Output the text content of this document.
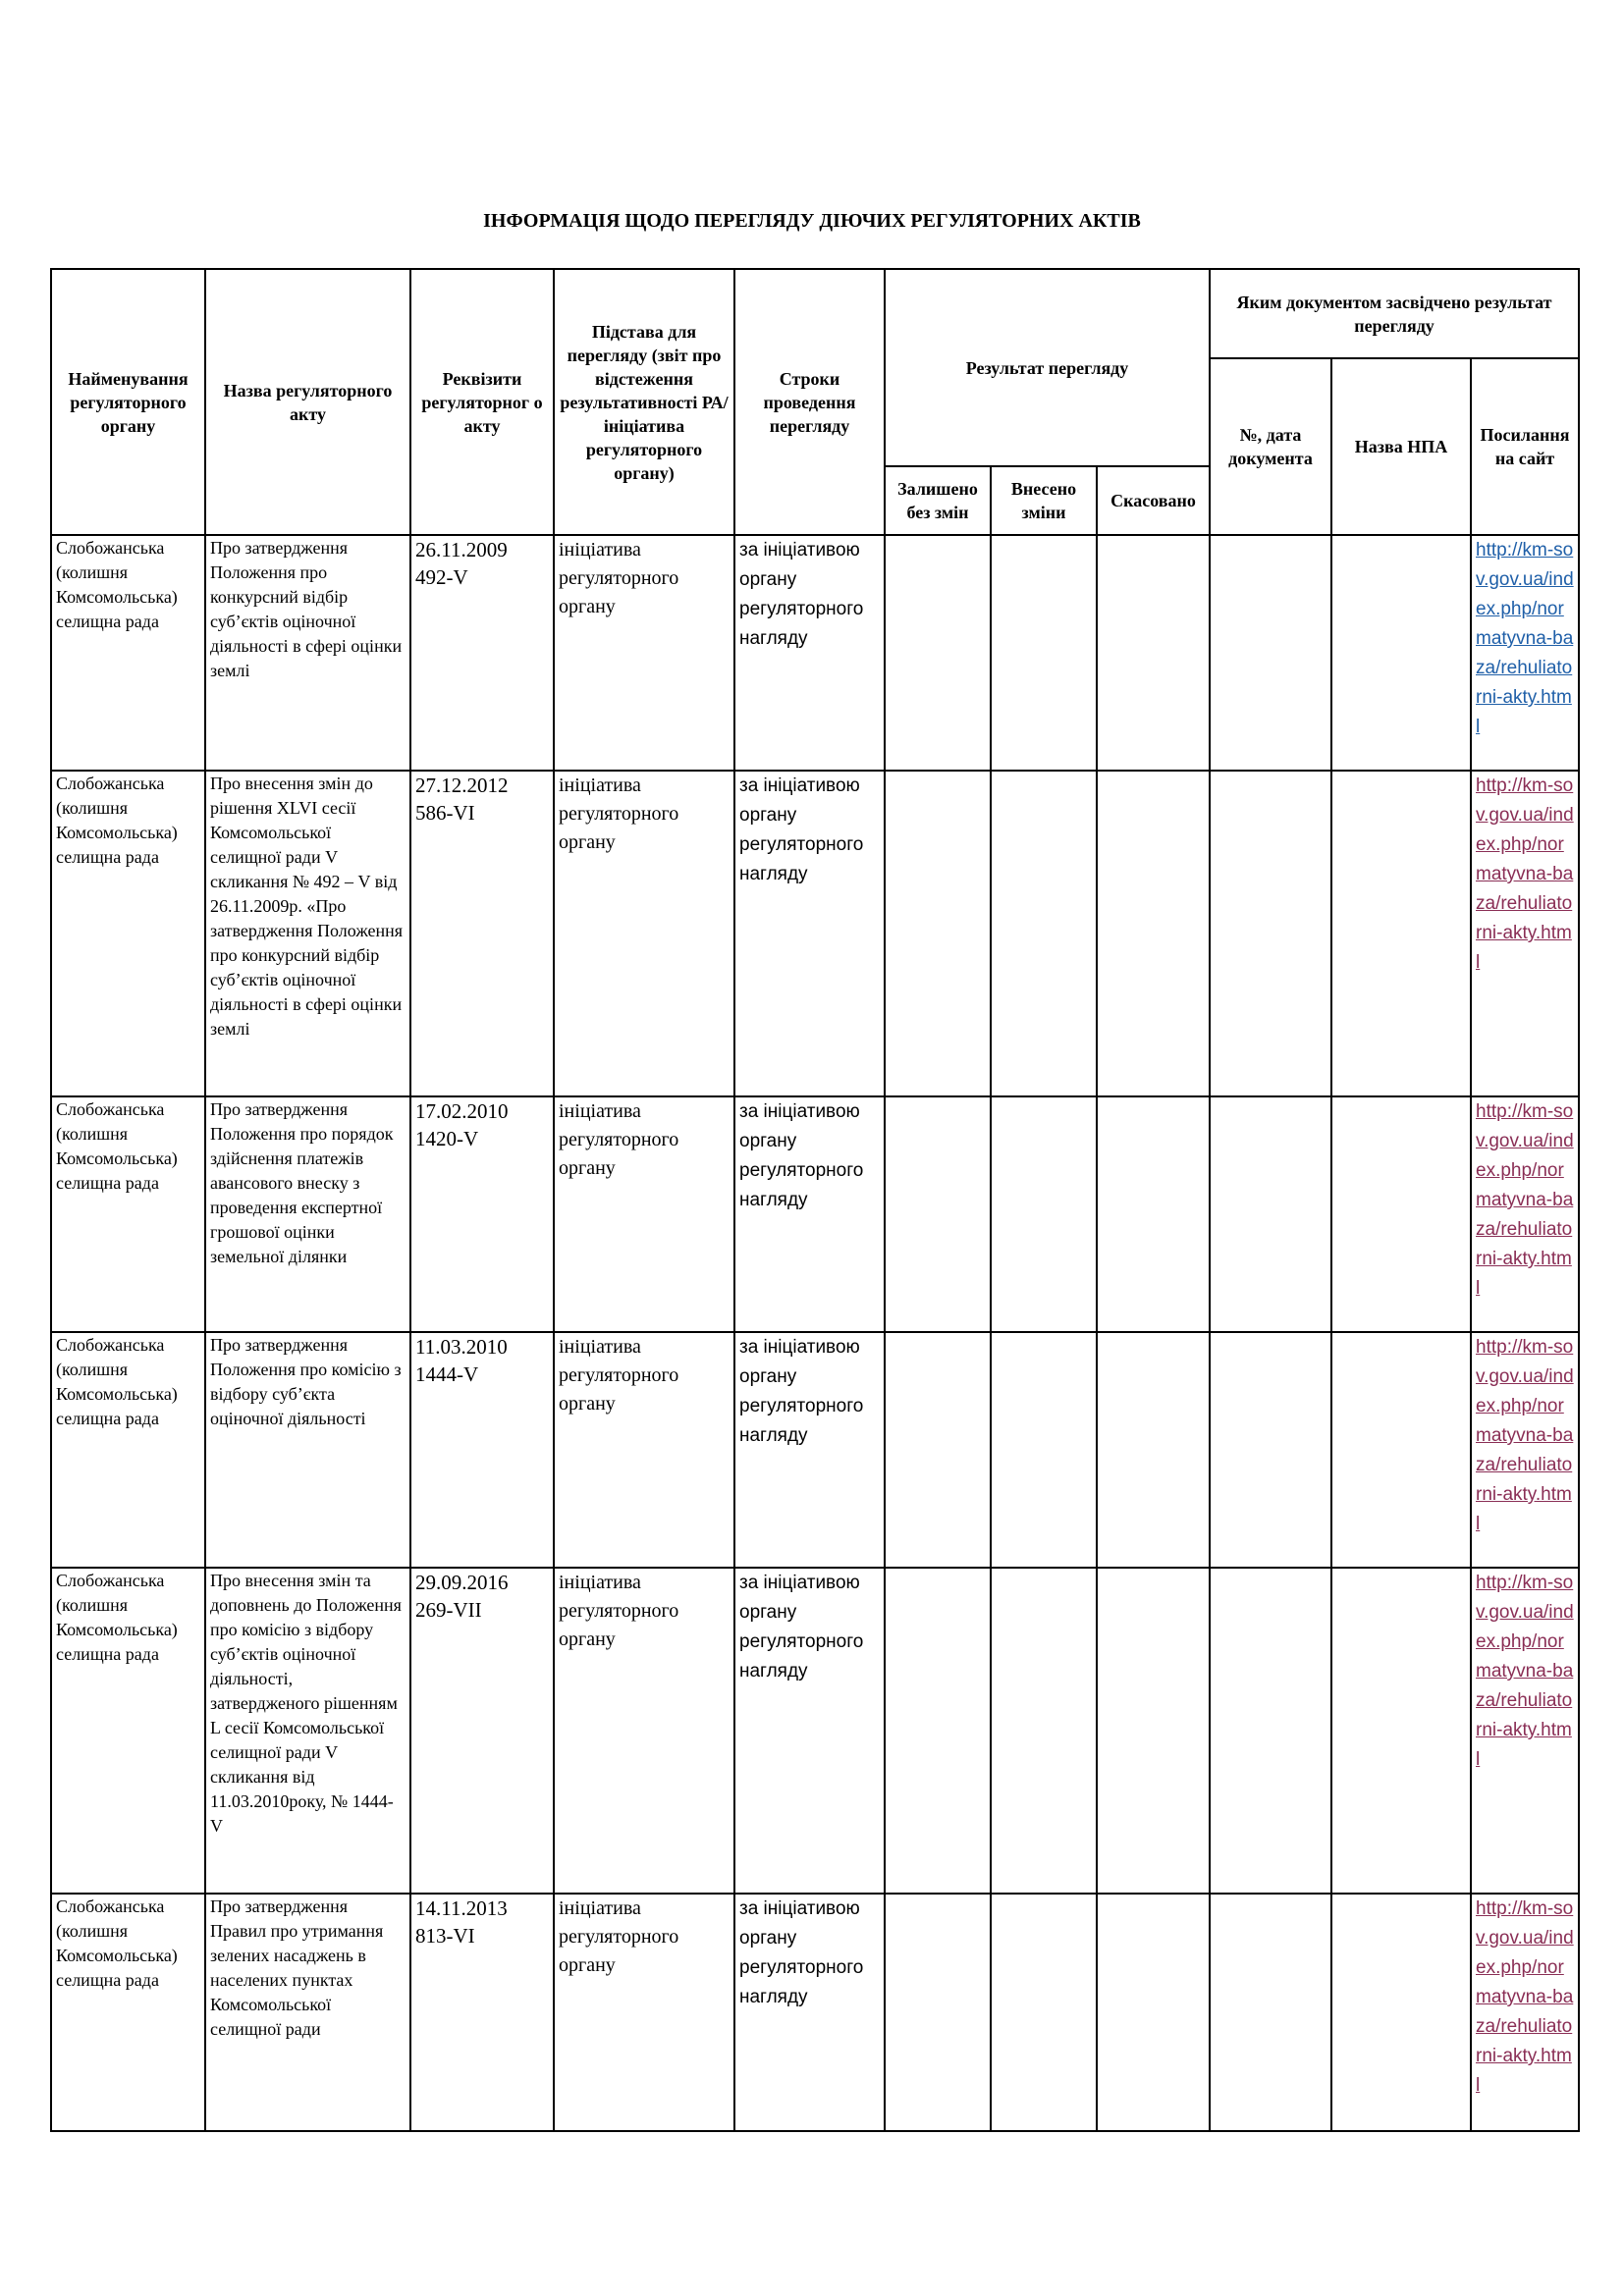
ІНФОРМАЦІЯ ЩОДО ПЕРЕГЛЯДУ ДІЮЧИХ РЕГУЛЯТОРНИХ АКТІВ
Найменування регуляторного органу	Назва регуляторного акту	Реквізити регуляторног о акту	Підстава для перегляду (звіт про відстеження результативності РА/ ініціатива регуляторного органу)	Строки проведення перегляду	Результат перегляду			Яким документом засвідчено результат перегляду		
								№, дата документа	Назва НПА	Посилання на сайт
					Залишено без змін	Внесено зміни	Скасовано			
Слобожанська (колишня Комсомольська) селищна рада	Про затвердження Положення про конкурсний відбір суб’єктів оціночної діяльності в сфері оцінки землі	26.11.2009 492-V	ініціатива регуляторного органу	за ініціативою органу регуляторного нагляду						http://km-sov.gov.ua/index.php/normatyvna-baza/rehuliatorni-akty.html

Слобожанська (колишня Комсомольська) селищна рада	Про внесення змін до рішення XLVI сесії Комсомольської селищної ради V скликання № 492 – V від 26.11.2009р. «Про затвердження Положення про конкурсний відбір суб’єктів оціночної діяльності в сфері оцінки землі	27.12.2012 586-VI	ініціатива регуляторного органу	за ініціативою органу регуляторного нагляду						http://km-sov.gov.ua/index.php/normatyvna-baza/rehuliatorni-akty.html

Слобожанська (колишня Комсомольська) селищна рада	Про затвердження Положення про порядок здійснення платежів авансового внеску з проведення експертної грошової оцінки земельної ділянки	17.02.2010 1420-V	ініціатива регуляторного органу	за ініціативою органу регуляторного нагляду						http://km-sov.gov.ua/index.php/normatyvna-baza/rehuliatorni-akty.html

Слобожанська (колишня Комсомольська) селищна рада	Про затвердження Положення про комісію з відбору суб’єкта оціночної діяльності	11.03.2010 1444-V	ініціатива регуляторного органу	за ініціативою органу регуляторного нагляду						http://km-sov.gov.ua/index.php/normatyvna-baza/rehuliatorni-akty.html

Слобожанська (колишня Комсомольська) селищна рада	Про внесення змін та доповнень до Положення про комісію з відбору суб’єктів оціночної діяльності, затвердженого рішенням L сесії Комсомольської селищної ради V скликання від 11.03.2010року, № 1444-V	29.09.2016 269-VII	ініціатива регуляторного органу	за ініціативою органу регуляторного нагляду						http://km-sov.gov.ua/index.php/normatyvna-baza/rehuliatorni-akty.html

Слобожанська (колишня Комсомольська) селищна рада	Про затвердження Правил про утримання зелених насаджень в населених пунктах Комсомольської селищної ради	14.11.2013 813-VI	ініціатива регуляторного органу	за ініціативою органу регуляторного нагляду						http://km-sov.gov.ua/index.php/normatyvna-baza/rehuliatorni-akty.html
